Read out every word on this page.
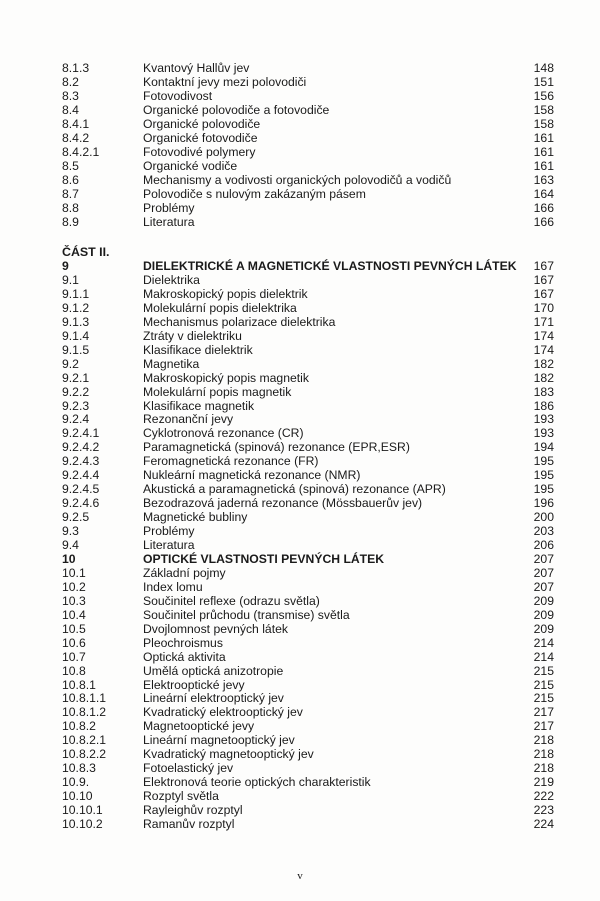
8.1.3	Kvantový Hallův jev	148
8.2	Kontaktní jevy mezi polovodiči	151
8.3	Fotovodivost	156
8.4	Organické polovodiče a fotovodiče	158
8.4.1	Organické polovodiče	158
8.4.2	Organické fotovodiče	161
8.4.2.1	Fotovodivé polymery	161
8.5	Organické vodiče	161
8.6	Mechanismy a vodivosti organických polovodičů a vodičů	163
8.7	Polovodiče s nulovým zakázaným pásem	164
8.8	Problémy	166
8.9	Literatura	166
ČÁST II.
9	DIELEKTRICKÉ A MAGNETICKÉ VLASTNOSTI PEVNÝCH LÁTEK 167
9.1	Dielektrika	167
9.1.1	Makroskopický popis dielektrik	167
9.1.2	Molekulární popis dielektrika	170
9.1.3	Mechanismus polarizace dielektrika	171
9.1.4	Ztráty v dielektriku	174
9.1.5	Klasifikace dielektrik	174
9.2	Magnetika	182
9.2.1	Makroskopický popis magnetik	182
9.2.2	Molekulární popis magnetik	183
9.2.3	Klasifikace magnetik	186
9.2.4	Rezonanční jevy	193
9.2.4.1	Cyklotronová rezonance (CR)	193
9.2.4.2	Paramagnetická (spinová) rezonance (EPR,ESR)	194
9.2.4.3	Feromagnetická rezonance (FR)	195
9.2.4.4	Nukleární magnetická rezonance (NMR)	195
9.2.4.5	Akustická a paramagnetická (spinová) rezonance (APR)	195
9.2.4.6	Bezodrazová jaderná rezonance (Mössbauerův jev)	196
9.2.5	Magnetické bubliny	200
9.3	Problémy	203
9.4	Literatura	206
10	OPTICKÉ VLASTNOSTI PEVNÝCH LÁTEK	207
10.1	Základní pojmy	207
10.2	Index lomu	207
10.3	Součinitel reflexe (odrazu světla)	209
10.4	Součinitel průchodu (transmise) světla	209
10.5	Dvojlomnost pevných látek	209
10.6	Pleochroismus	214
10.7	Optická aktivita	214
10.8	Umělá optická anizotropie	215
10.8.1	Elektrooptické jevy	215
10.8.1.1	Lineární elektrooptický jev	215
10.8.1.2	Kvadratický elektrooptický jev	217
10.8.2	Magnetooptické jevy	217
10.8.2.1	Lineární magnetooptický jev	218
10.8.2.2	Kvadratický magnetooptický jev	218
10.8.3	Fotoelastický jev	218
10.9.	Elektronová teorie optických charakteristik	219
10.10	Rozptyl světla	222
10.10.1	Rayleighův rozptyl	223
10.10.2	Ramanův rozptyl	224
v
